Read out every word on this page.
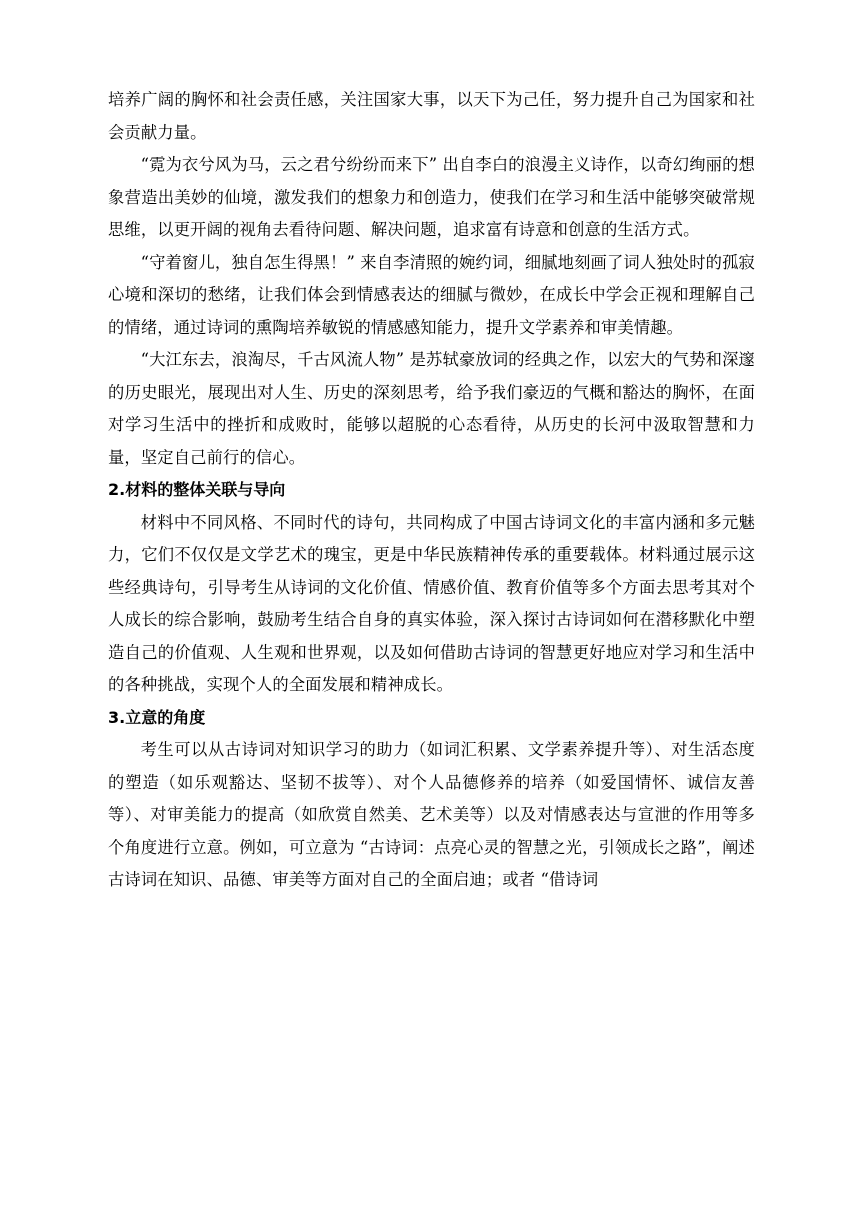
培养广阔的胸怀和社会责任感，关注国家大事，以天下为己任，努力提升自己为国家和社会贡献力量。

“霓为衣兮风为马，云之君兮纷纷而来下” 出自李白的浪漫主义诗作，以奇幻绚丽的想象营造出美妙的仙境，激发我们的想象力和创造力，使我们在学习和生活中能够突破常规思维，以更开阔的视角去看待问题、解决问题，追求富有诗意和创意的生活方式。

“守着窗儿，独自怎生得黑！” 来自李清照的婉约词，细腻地刻画了词人独处时的孤寂心境和深切的愁绪，让我们体会到情感表达的细腻与微妙，在成长中学会正视和理解自己的情绪，通过诗词的熏陶培养敏锐的情感感知能力，提升文学素养和审美情趣。

“大江东去，浪淘尽，千古风流人物” 是苏轼豪放词的经典之作，以宏大的气势和深邃的历史眼光，展现出对人生、历史的深刻思考，给予我们豪迈的气概和豁达的胸怀，在面对学习生活中的挫折和成败时，能够以超脱的心态看待，从历史的长河中汲取智慧和力量，坚定自己前行的信心。

2.材料的整体关联与导向

材料中不同风格、不同时代的诗句，共同构成了中国古诗词文化的丰富内涵和多元魅力，它们不仅仅是文学艺术的瑰宝，更是中华民族精神传承的重要载体。材料通过展示这些经典诗句，引导考生从诗词的文化价值、情感价值、教育价值等多个方面去思考其对个人成长的综合影响，鼓励考生结合自身的真实体验，深入探讨古诗词如何在潜移默化中塑造自己的价值观、人生观和世界观，以及如何借助古诗词的智慧更好地应对学习和生活中的各种挑战，实现个人的全面发展和精神成长。

3.立意的角度

考生可以从古诗词对知识学习的助力（如词汇积累、文学素养提升等）、对生活态度的塑造（如乐观豁达、坚韧不拔等）、对个人品德修养的培养（如爱国情怀、诚信友善等）、对审美能力的提高（如欣赏自然美、艺术美等）以及对情感表达与宣泄的作用等多个角度进行立意。例如，可立意为 “古诗词：点亮心灵的智慧之光，引领成长之路”，阐述古诗词在知识、品德、审美等方面对自己的全面启迪；或者 “借诗词
